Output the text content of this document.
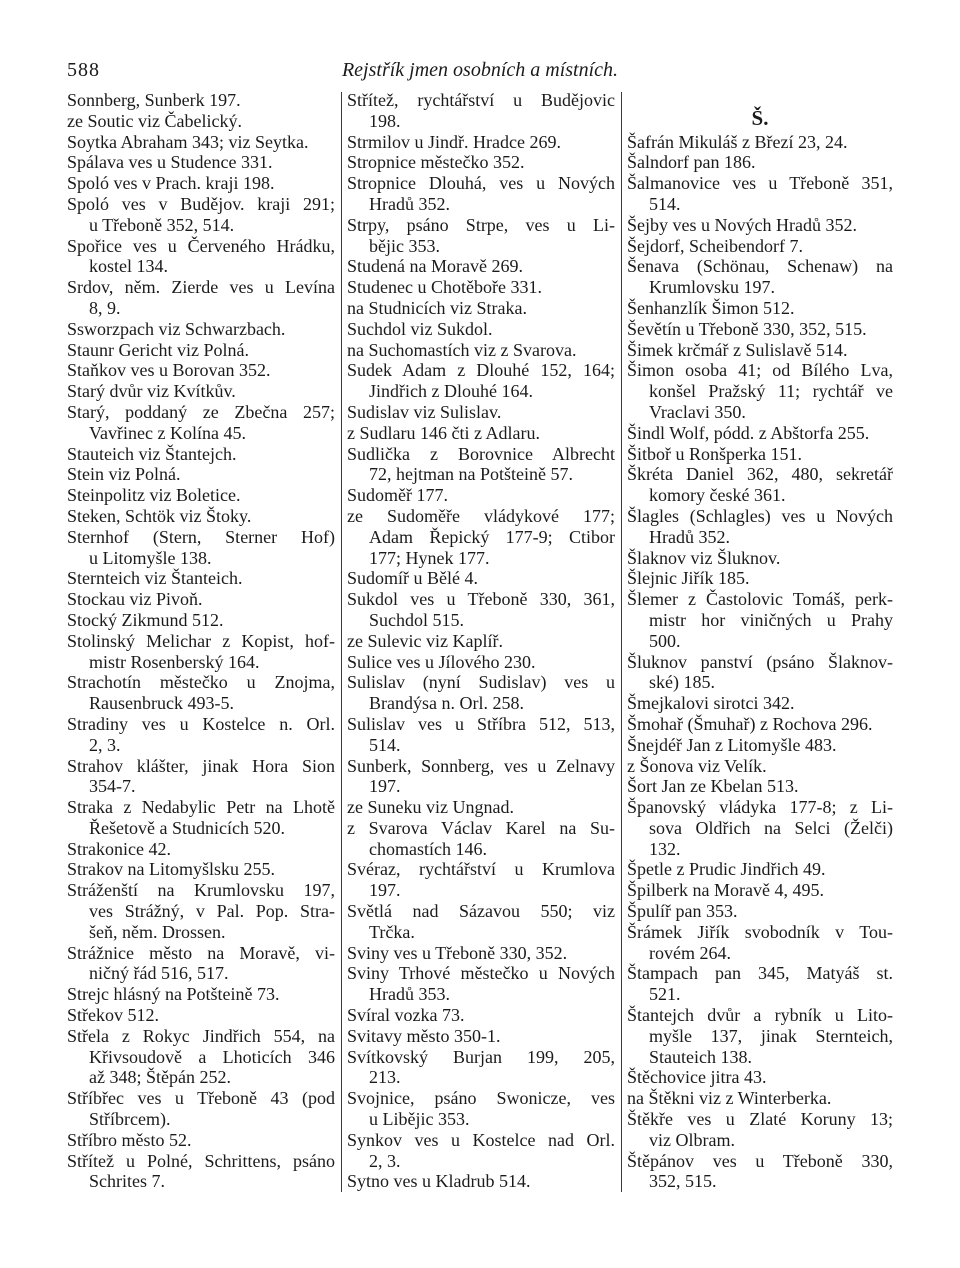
588	Rejstřík jmen osobních a místních.
Sonnberg, Sunberk 197.
ze Soutic viz Čabelický.
Soytka Abraham 343; viz Seytka.
Spálava ves u Studence 331.
Spoló ves v Prach. kraji 198.
Spoló ves v Budějov. kraji 291;
u Třeboně 352, 514.
Spořice ves u Červeného Hrádku,
kostel 134.
Srdov, něm. Zierde ves u Levína
8, 9.
Ssworzpach viz Schwarzbach.
Staunr Gericht viz Polná.
Staňkov ves u Borovan 352.
Starý dvůr viz Kvítkův.
Starý, poddaný ze Zbečna 257;
Vavřinec z Kolína 45.
Stauteich viz Štantejch.
Stein viz Polná.
Steinpolitz viz Boletice.
Steken, Schtök viz Štoky.
Sternhof (Stern, Sterner Hof)
u Litomyšle 138.
Sternteich viz Štanteich.
Stockau viz Pivoň.
Stocký Zikmund 512.
Stolinský Melichar z Kopist, hof-
mistr Rosenberský 164.
Strachotín městečko u Znojma,
Rausenbruck 493-5.
Stradiny ves u Kostelce n. Orl.
2, 3.
Strahov klášter, jinak Hora Sion
354-7.
Straka z Nedabylic Petr na Lhotě
Řešetově a Studnicích 520.
Strakonice 42.
Strakov na Litomyšlsku 255.
Stráženští na Krumlovsku 197,
ves Strážný, v Pal. Pop. Stra-
šeň, něm. Drossen.
Strážnice město na Moravě, vi-
ničný řád 516, 517.
Strejc hlásný na Potšteině 73.
Střekov 512.
Střela z Rokyc Jindřich 554, na
Křivsoudově a Lhoticích 346
až 348; Štěpán 252.
Stříbřec ves u Třeboně 43 (pod
Stříbrcem).
Stříbro město 52.
Střítež u Polné, Schrittens, psáno
Schrites 7.
Střítež, rychtářství u Budějovic
198.
Strmilov u Jindř. Hradce 269.
Stropnice městečko 352.
Stropnice Dlouhá, ves u Nových
Hradů 352.
Strpy, psáno Strpe, ves u Li-
bějic 353.
Studená na Moravě 269.
Studenec u Chotěboře 331.
na Studnicích viz Straka.
Suchdol viz Sukdol.
na Suchomastích viz z Svarova.
Sudek Adam z Dlouhé 152, 164;
Jindřich z Dlouhé 164.
Sudislav viz Sulislav.
z Sudlaru 146 čti z Adlaru.
Sudlička z Borovnice Albrecht
72, hejtman na Potšteině 57.
Sudoměř 177.
ze Sudoměře vládykové 177;
Adam Řepický 177-9; Ctibor
177; Hynek 177.
Sudomíř u Bělé 4.
Sukdol ves u Třeboně 330, 361,
Suchdol 515.
ze Sulevic viz Kaplíř.
Sulice ves u Jílového 230.
Sulislav (nyní Sudislav) ves u
Brandýsa n. Orl. 258.
Sulislav ves u Stříbra 512, 513,
514.
Sunberk, Sonnberg, ves u Zelnavy
197.
ze Suneku viz Ungnad.
z Svarova Václav Karel na Su-
chomastích 146.
Svéraz, rychtářství u Krumlova
197.
Světlá nad Sázavou 550; viz
Trčka.
Sviny ves u Třeboně 330, 352.
Sviny Trhové městečko u Nových
Hradů 353.
Svíral vozka 73.
Svitavy město 350-1.
Svítkovský Burjan 199, 205,
213.
Svojnice, psáno Swonicze, ves
u Libějic 353.
Synkov ves u Kostelce nad Orl.
2, 3.
Sytno ves u Kladrub 514.
Š.
Šafrán Mikuláš z Březí 23, 24.
Šalndorf pan 186.
Šalmanovice ves u Třeboně 351,
514.
Šejby ves u Nových Hradů 352.
Šejdorf, Scheibendorf 7.
Šenava (Schönau, Schenaw) na
Krumlovsku 197.
Šenhanzlík Šimon 512.
Ševětín u Třeboně 330, 352, 515.
Šimek krčmář z Sulislavě 514.
Šimon osoba 41; od Bílého Lva,
konšel Pražský 11; rychtář ve
Vraclavi 350.
Šindl Wolf, pódd. z Abštorfa 255.
Šitboř u Ronšperka 151.
Škréta Daniel 362, 480, sekretář
komory české 361.
Šlagles (Schlagles) ves u Nových
Hradů 352.
Šlaknov viz Šluknov.
Šlejnic Jiřík 185.
Šlemer z Častolovic Tomáš, perk-
mistr hor viničných u Prahy
500.
Šluknov panství (psáno Šlaknov-
ské) 185.
Šmejkalovi sirotci 342.
Šmohař (Šmuhař) z Rochova 296.
Šnejdéř Jan z Litomyšle 483.
z Šonova viz Velík.
Šort Jan ze Kbelan 513.
Španovský vládyka 177-8; z Li-
sova Oldřich na Selci (Želči)
132.
Špetle z Prudic Jindřich 49.
Špilberk na Moravě 4, 495.
Špulíř pan 353.
Šrámek Jiřík svobodník v Tou-
rovém 264.
Štampach pan 345, Matyáš st.
521.
Štantejch dvůr a rybník u Lito-
myšle 137, jinak Sternteich,
Stauteich 138.
Štěchovice jitra 43.
na Štěkni viz z Winterberka.
Štěkře ves u Zlaté Koruny 13;
viz Olbram.
Štěpánov ves u Třeboně 330,
352, 515.
